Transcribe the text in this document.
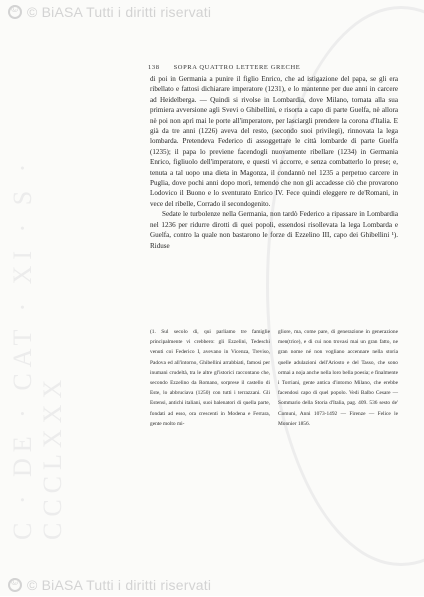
C · DE · CAT · XI · S · CCCLXXX
©
© BiASA Tutti i diritti riservati
138 SOPRA QUATTRO LETTERE GRECHE

di poi in Germania a punire il figlio Enrico, che ad istigazione del papa, se gli era ribellato e fattosi dichiarare imperatore (1231), e lo mantenne per due anni in carcere ad Heidelberga. — Quindi si rivolse in Lombardia, dove Milano, tornata alla sua primiera avversione agli Svevi o Ghibellini, e risorta a capo di parte Guelfa, nè allora nè poi non aprì mai le porte all'imperatore, per lasciargli prendere la corona d'Italia. E già da tre anni (1226) aveva del resto, (secondo suoi privilegi), rinnovata la lega lombarda. Pretendeva Federico di assoggettare le città lombarde di parte Guelfa (1235); il papa lo previene facendogli nuovamente ribellare (1234) in Germania Enrico, figliuolo dell'imperatore, e questi vi accorre, e senza combatterlo lo prese; e, tenuta a tal uopo una dieta in Magonza, il condannò nel 1235 a perpetuo carcere in Puglia, dove pochi anni dopo morì, temendo che non gli accadesse ciò che provarono Lodovico il Buono e lo sventurato Enrico IV. Fece quindi eleggere re de'Romani, in vece del ribelle, Corrado il secondogenito.

Sedate le turbolenze nella Germania, non tardò Federico a ripassare in Lombardia nel 1236 per ridurre dirotti di quei popoli, essendosi risollevata la lega Lombarda e Guelfa, contro la quale non bastarono le forze di Ezzelino III, capo dei Ghibellini ¹). Riduse

(1. Sul secolo di, qui parliamo tre famiglie principalmente vi crebbero: gli Ezzelini, Tedeschi venuti coi Federico I, avevano in Vicenza, Treviso, Padova ed all'intorno, Ghibellini arrabbiati, famosi per inumani crudeltà, tra le altre gl'istorici raccontano che, secondo Ezzelino da Romano, sorprese il castello di Este, lo abbruciava (1250) con tutti i terrazzani. Gli Estensi, antichi italiani, suoi balenatori di quella parte, fondati ad esso, ora crescenti in Modena e Ferrara, gente molto mi-
gliore, ma, come pare, di generazione in generazione men(trice), e di cui non trovasi mai un gran fatto, ne gran nome né non vogliano accennare nella storia quelle adulazioni dell'Ariosto e del Tasso, che sono ormai a noja anche nella loro bella poesia; e finalmente i Torriani, gente antica d'intorno Milano, che erebbe facendosi capo di quel popolo. Vedi Balbo Cesare — Sommario della Storia d'Italia, pag. 409. 536 sesto de' Comuni, Anni 1073-1492 — Firenze — Felice le Monnier 1856.
©
© BiASA Tutti i diritti riservati
